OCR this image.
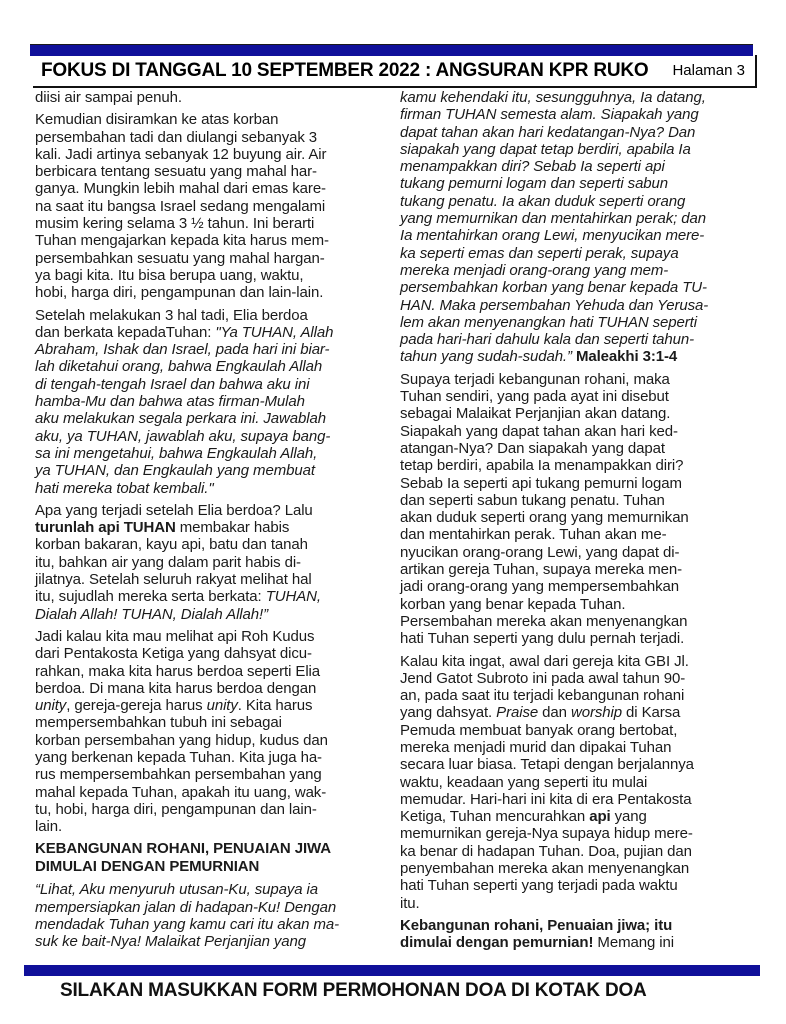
FOKUS DI TANGGAL 10 SEPTEMBER 2022 : ANGSURAN KPR RUKO Halaman 3
diisi air sampai penuh.
Kemudian disiramkan ke atas korban
persembahan tadi dan diulangi sebanyak 3
kali. Jadi artinya sebanyak 12 buyung air. Air
berbicara tentang sesuatu yang mahal har-
ganya. Mungkin lebih mahal dari emas kare-
na saat itu bangsa Israel sedang mengalami
musim kering selama 3 ½ tahun. Ini berarti
Tuhan mengajarkan kepada kita harus mem-
persembahkan sesuatu yang mahal hargan-
ya bagi kita. Itu bisa berupa uang, waktu,
hobi, harga diri, pengampunan dan lain-lain.
Setelah melakukan 3 hal tadi, Elia berdoa
dan berkata kepadaTuhan: "Ya TUHAN, Allah
Abraham, Ishak dan Israel, pada hari ini biar-
lah diketahui orang, bahwa Engkaulah Allah
di tengah-tengah Israel dan bahwa aku ini
hamba-Mu dan bahwa atas firman-Mulah
aku melakukan segala perkara ini. Jawablah
aku, ya TUHAN, jawablah aku, supaya bang-
sa ini mengetahui, bahwa Engkaulah Allah,
ya TUHAN, dan Engkaulah yang membuat
hati mereka tobat kembali."
Apa yang terjadi setelah Elia berdoa? Lalu
turunlah api TUHAN membakar habis
korban bakaran, kayu api, batu dan tanah
itu, bahkan air yang dalam parit habis di-
jilatnya. Setelah seluruh rakyat melihat hal
itu, sujudlah mereka serta berkata: TUHAN,
Dialah Allah! TUHAN, Dialah Allah!”
Jadi kalau kita mau melihat api Roh Kudus
dari Pentakosta Ketiga yang dahsyat dicu-
rahkan, maka kita harus berdoa seperti Elia
berdoa. Di mana kita harus berdoa dengan
unity, gereja-gereja harus unity. Kita harus
mempersembahkan tubuh ini sebagai
korban persembahan yang hidup, kudus dan
yang berkenan kepada Tuhan. Kita juga ha-
rus mempersembahkan persembahan yang
mahal kepada Tuhan, apakah itu uang, wak-
tu, hobi, harga diri, pengampunan dan lain-
lain.
KEBANGUNAN ROHANI, PENUAIAN JIWA
DIMULAI DENGAN PEMURNIAN
“Lihat, Aku menyuruh utusan-Ku, supaya ia
mempersiapkan jalan di hadapan-Ku! Dengan
mendadak Tuhan yang kamu cari itu akan ma-
suk ke bait-Nya! Malaikat Perjanjian yang
kamu kehendaki itu, sesungguhnya, Ia datang,
firman TUHAN semesta alam. Siapakah yang
dapat tahan akan hari kedatangan-Nya? Dan
siapakah yang dapat tetap berdiri, apabila Ia
menampakkan diri? Sebab Ia seperti api
tukang pemurni logam dan seperti sabun
tukang penatu. Ia akan duduk seperti orang
yang memurnikan dan mentahirkan perak; dan
Ia mentahirkan orang Lewi, menyucikan mere-
ka seperti emas dan seperti perak, supaya
mereka menjadi orang-orang yang mem-
persembahkan korban yang benar kepada TU-
HAN. Maka persembahan Yehuda dan Yerusa-
lem akan menyenangkan hati TUHAN seperti
pada hari-hari dahulu kala dan seperti tahun-
tahun yang sudah-sudah.” Maleakhi 3:1-4
Supaya terjadi kebangunan rohani, maka
Tuhan sendiri, yang pada ayat ini disebut
sebagai Malaikat Perjanjian akan datang.
Siapakah yang dapat tahan akan hari ked-
atangan-Nya? Dan siapakah yang dapat
tetap berdiri, apabila Ia menampakkan diri?
Sebab Ia seperti api tukang pemurni logam
dan seperti sabun tukang penatu. Tuhan
akan duduk seperti orang yang memurnikan
dan mentahirkan perak. Tuhan akan me-
nyucikan orang-orang Lewi, yang dapat di-
artikan gereja Tuhan, supaya mereka men-
jadi orang-orang yang mempersembahkan
korban yang benar kepada Tuhan.
Persembahan mereka akan menyenangkan
hati Tuhan seperti yang dulu pernah terjadi.
Kalau kita ingat, awal dari gereja kita GBI Jl.
Jend Gatot Subroto ini pada awal tahun 90-
an, pada saat itu terjadi kebangunan rohani
yang dahsyat. Praise dan worship di Karsa
Pemuda membuat banyak orang bertobat,
mereka menjadi murid dan dipakai Tuhan
secara luar biasa. Tetapi dengan berjalannya
waktu, keadaan yang seperti itu mulai
memudar. Hari-hari ini kita di era Pentakosta
Ketiga, Tuhan mencurahkan api yang
memurnikan gereja-Nya supaya hidup mere-
ka benar di hadapan Tuhan. Doa, pujian dan
penyembahan mereka akan menyenangkan
hati Tuhan seperti yang terjadi pada waktu
itu.
Kebangunan rohani, Penuaian jiwa; itu
dimulai dengan pemurnian! Memang ini
SILAKAN MASUKKAN FORM PERMOHONAN DOA DI KOTAK DOA
